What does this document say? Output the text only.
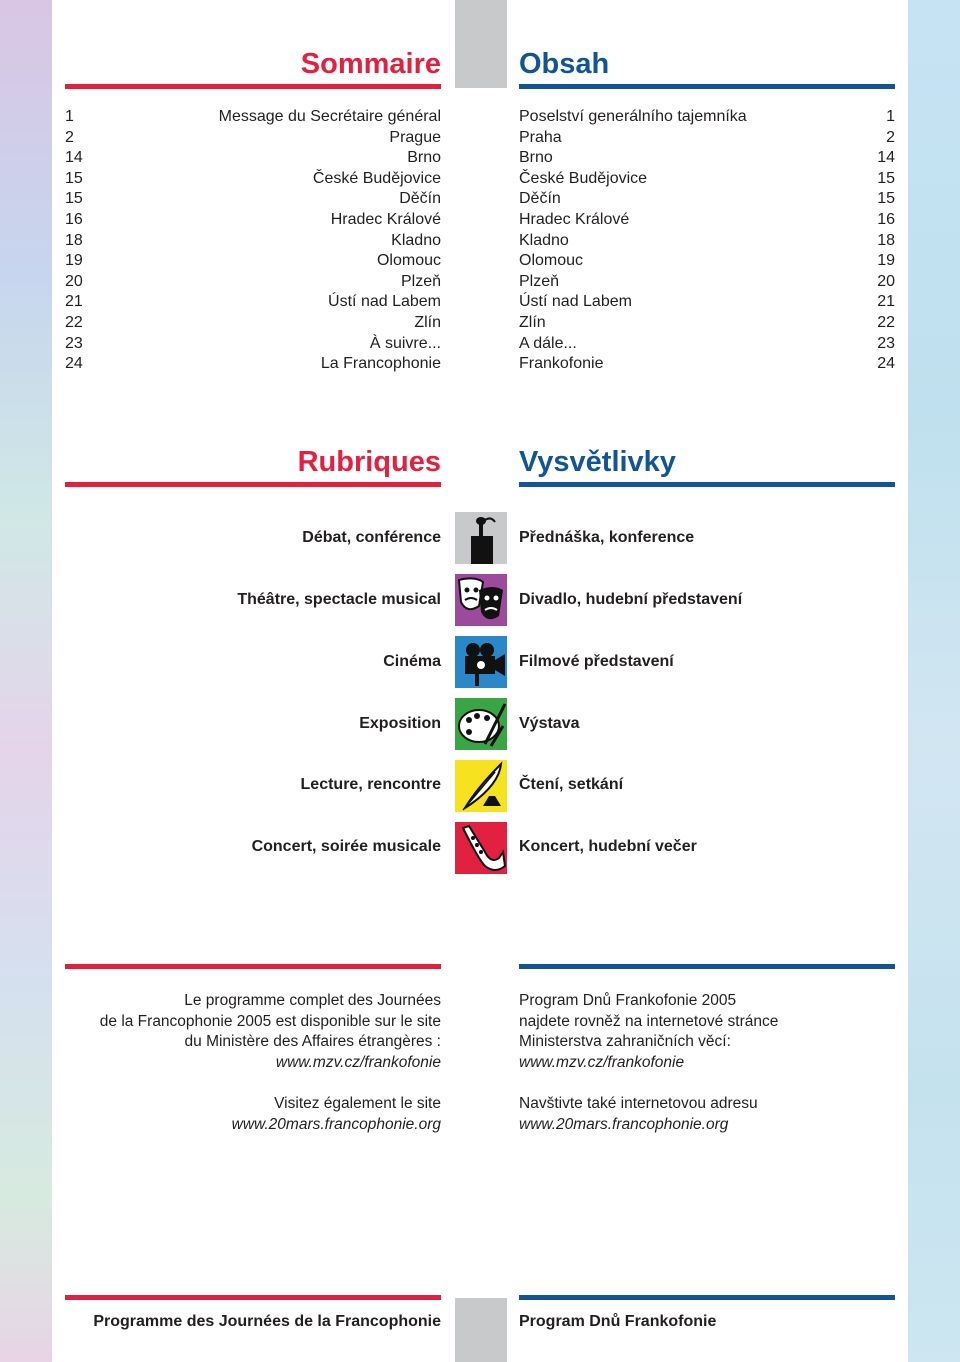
Sommaire	Obsah
1	Message du Secrétaire général
2	Prague
14	Brno
15	České Budějovice
15	Děčín
16	Hradec Králové
18	Kladno
19	Olomouc
20	Plzeň
21	Ústí nad Labem
22	Zlín
23	À suivre...
24	La Francophonie
Poselství generálního tajemníka	1
Praha	2
Brno	14
České Budějovice	15
Děčín	15
Hradec Králové	16
Kladno	18
Olomouc	19
Plzeň	20
Ústí nad Labem	21
Zlín	22
A dále...	23
Frankofonie	24
Rubriques	Vysvětlivky
Débat, conférence	Přednáška, konference
Théâtre, spectacle musical	Divadlo, hudební představení
Cinéma	Filmové představení
Exposition	Výstava
Lecture, rencontre	Čtení, setkání
Concert, soirée musicale	Koncert, hudební večer

Le programme complet des Journées

de la Francophonie 2005 est disponible sur le site

du Ministère des Affaires étrangères :

www.mzv.cz/frankofonie

Visitez également le site

www.20mars.francophonie.org

Program Dnů Frankofonie 2005

najdete rovněž na internetové stránce

Ministerstva zahraničních věcí:

www.mzv.cz/frankofonie

Navštivte také internetovou adresu

www.20mars.francophonie.org

Programme des Journées de la Francophonie	Program Dnů Frankofonie
